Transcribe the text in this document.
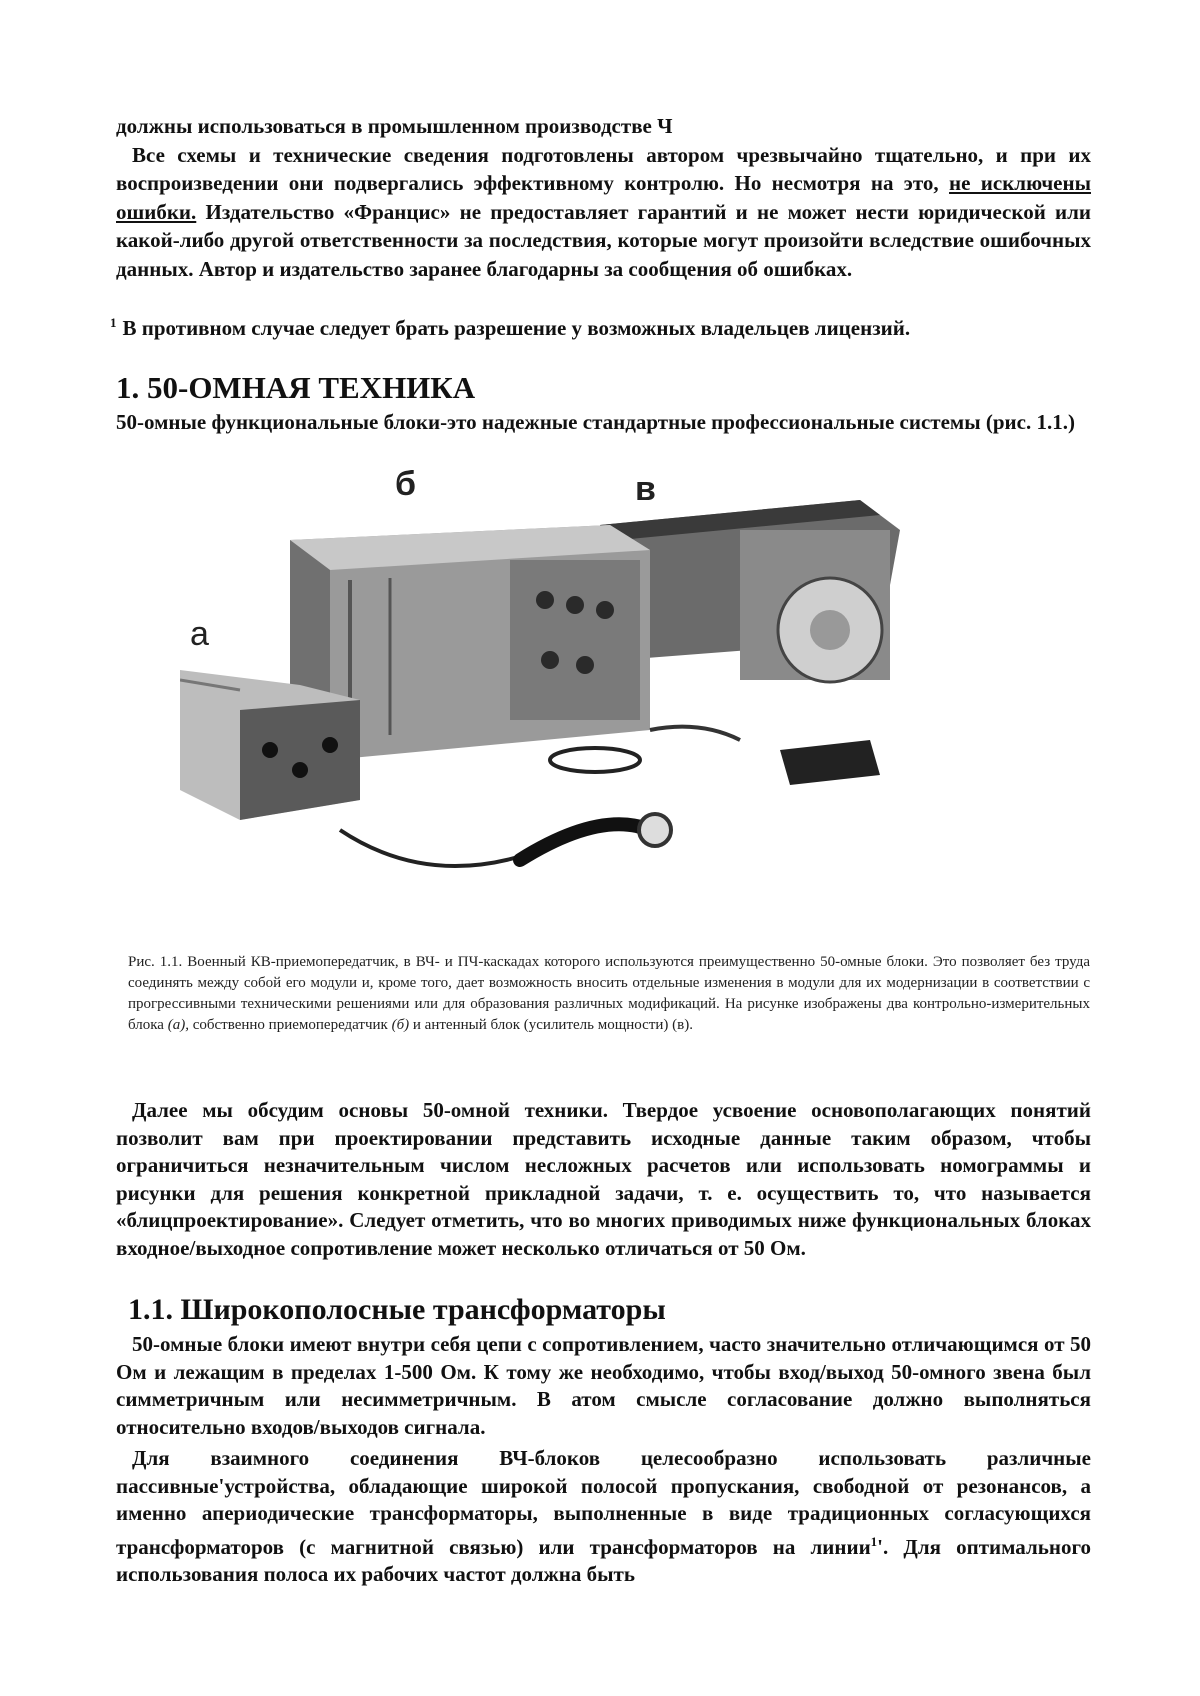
должны использоваться в промышленном производстве Ч
Все схемы и технические сведения подготовлены автором чрезвычайно тщательно, и при их воспроизведении они подвергались эффективному контролю. Но несмотря на это, не исключены ошибки. Издательство «Францис» не предоставляет гарантий и не может нести юридической или какой-либо другой ответственности за последствия, которые могут произойти вследствие ошибочных данных. Автор и издательство заранее благодарны за сообщения об ошибках.
$^1$ В противном случае следует брать разрешение у возможных владельцев лицензий.
1. 50-ОМНАЯ ТЕХНИКА
50-омные функциональные блоки-это надежные стандартные профессиональные системы (рис. 1.1.)
б	в
а
Рис. 1.1. Военный КВ-приемопередатчик, в ВЧ- и ПЧ-каскадах которого используются преимущественно 50-омные блоки. Это позволяет без труда соединять между собой его модули и, кроме того, дает возможность вносить отдельные изменения в модули для их модернизации в соответствии с прогрессивными техническими решениями или для образования различных модификаций. На рисунке изображены два контрольно-измерительных блока (а), собственно приемопередатчик (б) и антенный блок (усилитель мощности) (в).
Далее мы обсудим основы 50-омной техники. Твердое усвоение основополагающих понятий позволит вам при проектировании представить исходные данные таким образом, чтобы ограничиться незначительным числом несложных расчетов или использовать номограммы и рисунки для решения конкретной прикладной задачи, т. е. осуществить то, что называется «блицпроектирование». Следует отметить, что во многих приводимых ниже функциональных блоках входное/выходное сопротивление может несколько отличаться от 50 Ом.
1.1. Широкополосные трансформаторы
50-омные блоки имеют внутри себя цепи с сопротивлением, часто значительно отличающимся от 50 Ом и лежащим в пределах 1-500 Ом. К тому же необходимо, чтобы вход/выход 50-омного звена был симметричным или несимметричным. В атом смысле согласование должно выполняться относительно входов/выходов сигнала.
Для взаимного соединения ВЧ-блоков целесообразно использовать различные пассивные'устройства, обладающие широкой полосой пропускания, свободной от резонансов, а именно апериодические трансформаторы, выполненные в виде традиционных согласующихся трансформаторов (с магнитной связью) или трансформаторов на линии$^1$'. Для оптимального использования полоса их рабочих частот должна быть
